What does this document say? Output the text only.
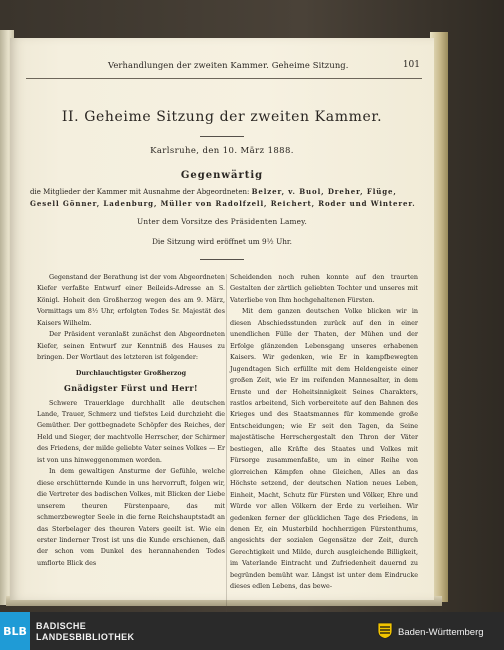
Verhandlungen der zweiten Kammer. Geheime Sitzung.	101
II. Geheime Sitzung der zweiten Kammer.
Karlsruhe, den 10. März 1888.
Gegenwärtig
die Mitglieder der Kammer mit Ausnahme der Abgeordneten: Belzer, v. Buol, Dreher, Flüge, Gesell Gönner, Ladenburg, Müller von Radolfzell, Reichert, Roder und Winterer.
Unter dem Vorsitze des Präsidenten Lamey.
Die Sitzung wird eröffnet um 9½ Uhr.

Gegenstand der Berathung ist der vom Abgeordneten Kiefer verfaßte Entwurf einer Beileids-Adresse an S. Königl. Hoheit den Großherzog wegen des am 9. März, Vormittags um 8½ Uhr, erfolgten Todes Sr. Majestät des Kaisers Wilhelm.

Der Präsident veranlaßt zunächst den Abgeordneten Kiefer, seinen Entwurf zur Kenntniß des Hauses zu bringen. Der Wortlaut des letzteren ist folgender:

Durchlauchtigster Großherzog

Gnädigster Fürst und Herr!

Schwere Trauerklage durchhallt alle deutschen Lande, Trauer, Schmerz und tiefstes Leid durchzieht die Gemüther. Der gottbegnadete Schöpfer des Reiches, der Held und Sieger, der machtvolle Herrscher, der Schirmer des Friedens, der milde geliebte Vater seines Volkes — Er ist von uns hinweggenommen worden.

In dem gewaltigen Ansturme der Gefühle, welche diese erschütternde Kunde in uns hervorruft, folgen wir, die Vertreter des badischen Volkes, mit Blicken der Liebe unserem theuren Fürstenpaare, das mit schmerzbewegter Seele in die ferne Reichshauptstadt an das Sterbelager des theuren Vaters geeilt ist. Wie ein erster linderner Trost ist uns die Kunde erschienen, daß der schon vom Dunkel des herannahenden Todes umflorte Blick des

Scheidenden noch ruhen konnte auf den traurten Gestalten der zärtlich geliebten Tochter und unseres mit Vaterliebe von Ihm hochgehaltenen Fürsten.

Mit dem ganzen deutschen Volke blicken wir in diesen Abschiedsstunden zurück auf den in einer unendlichen Fülle der Thaten, der Mühen und der Erfolge glänzenden Lebensgang unseres erhabenen Kaisers. Wir gedenken, wie Er in kampfbewegten Jugendtagen Sich erfüllte mit dem Heldengeiste einer großen Zeit, wie Er im reifenden Mannesalter, in dem Ernste und der Hoheitsinnigkeit Seines Charakters, rastlos arbeitend, Sich vorbereitete auf den Bahnen des Krieges und des Staatsmannes für kommende große Entscheidungen; wie Er seit den Tagen, da Seine majestätische Herrschergestalt den Thron der Väter bestiegen, alle Kräfte des Staates und Volkes mit Fürsorge zusammenfaßte, um in einer Reihe von glorreichen Kämpfen ohne Gleichen, Alles an das Höchste setzend, der deutschen Nation neues Leben, Einheit, Macht, Schutz für Fürsten und Völker, Ehre und Würde vor allen Völkern der Erde zu verleihen. Wir gedenken ferner der glücklichen Tage des Friedens, in denen Er, ein Musterbild hochherzigen Fürstenthums, angesichts der sozialen Gegensätze der Zeit, durch Gerechtigkeit und Milde, durch ausgleichende Billigkeit, im Vaterlande Eintracht und Zufriedenheit dauernd zu begründen bemüht war. Längst ist unter dem Eindrucke dieses edlen Lebens, das bewe-

BLB	BADISCHE
LANDESBIBLIOTHEK	Baden-Württemberg
